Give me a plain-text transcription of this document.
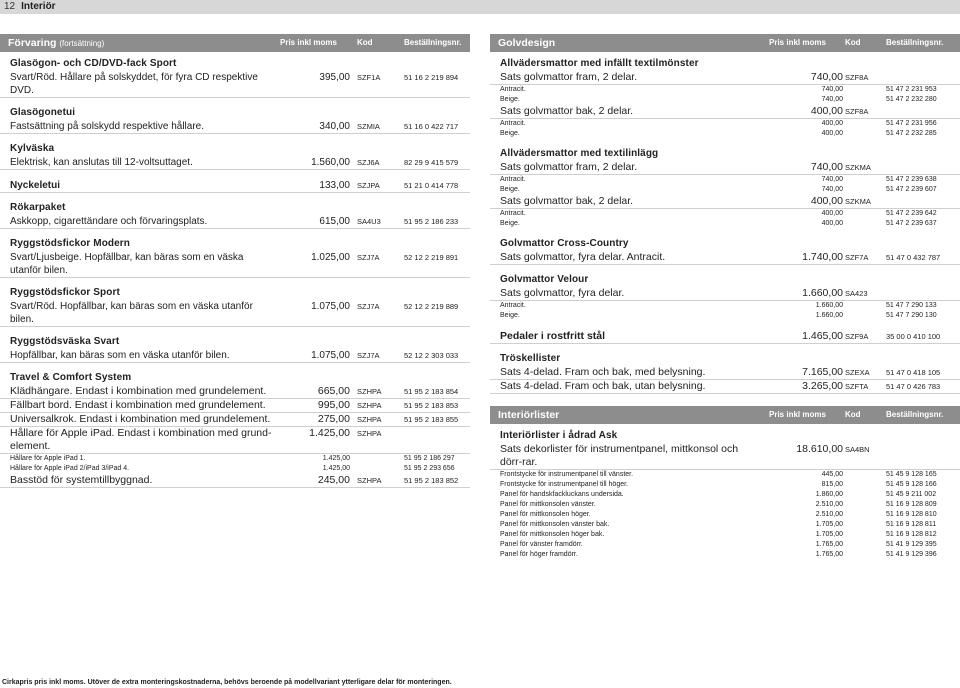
12 Interiör
Förvaring (fortsättning)	Pris inkl moms	Kod	Beställningsnr.
Glasögon- och CD/DVD-fack Sport
Svart/Röd. Hållare på solskyddet, för fyra CD respektive DVD.
395,00 SZF1A	51 16 2 219 894
Glasögonetui
Fastsättning på solskydd respektive hållare.	340,00 SZMIA	51 16 0 422 717
Kylväska
Elektrisk, kan anslutas till 12-voltsuttaget.	1.560,00 SZJ6A	82 29 9 415 579
Nyckeletui	133,00 SZJPA	51 21 0 414 778
Rökarpaket
Askkopp, cigarettändare och förvaringsplats.	615,00 SA4U3	51 95 2 186 233
Ryggstödsfickor Modern
Svart/Ljusbeige. Hopfällbar, kan bäras som en väska utanför bilen.
1.025,00 SZJ7A	52 12 2 219 891
Ryggstödsfickor Sport
Svart/Röd. Hopfällbar, kan bäras som en väska utanför bilen.
1.075,00 SZJ7A	52 12 2 219 889
Ryggstödsväska Svart
Hopfällbar, kan bäras som en väska utanför bilen.	1.075,00 SZJ7A	52 12 2 303 033
Travel & Comfort System
Klädhängare. Endast i kombination med grundelement.	665,00 SZHPA	51 95 2 183 854
Fällbart bord. Endast i kombination med grundelement.	995,00 SZHPA	51 95 2 183 853
Universalkrok. Endast i kombination med grundelement.	275,00 SZHPA	51 95 2 183 855
Hållare för Apple iPad. Endast i kombination med grund-element.
1.425,00 SZHPA
Hållare för Apple iPad 1.	1.425,00	51 95 2 186 297
Hållare för Apple iPad 2/iPad 3/iPad 4.	1.425,00	51 95 2 293 656
Basstöd för systemtillbyggnad.	245,00 SZHPA	51 95 2 183 852
Golvdesign	Pris inkl moms Kod	Beställningsnr.
Allvädersmattor med infällt textilmönster
Sats golvmattor fram, 2 delar.	740,00 SZF8A
Antracit.	740,00	51 47 2 231 953
Beige.	740,00	51 47 2 232 280
Sats golvmattor bak, 2 delar.	400,00 SZF8A
Antracit.	400,00	51 47 2 231 956
Beige.	400,00	51 47 2 232 285
Allvädersmattor med textilinlägg
Sats golvmattor fram, 2 delar.	740,00 SZKMA
Antracit.	740,00	51 47 2 239 638
Beige.	740,00	51 47 2 239 607
Sats golvmattor bak, 2 delar.	400,00 SZKMA
Antracit.	400,00	51 47 2 239 642
Beige.	400,00	51 47 2 239 637
Golvmattor Cross-Country
Sats golvmattor, fyra delar. Antracit.	1.740,00 SZF7A 51 47 0 432 787
Golvmattor Velour
Sats golvmattor, fyra delar.	1.660,00 SA423
Antracit.	1.660,00	51 47 7 290 133
Beige.	1.660,00	51 47 7 290 130
Pedaler i rostfritt stål	1.465,00 SZF9A 35 00 0 410 100
Tröskellister
Sats 4-delad. Fram och bak, med belysning.	7.165,00 SZEXA 51 47 0 418 105
Sats 4-delad. Fram och bak, utan belysning.	3.265,00 SZFTA 51 47 0 426 783
Interiörlister	Pris inkl moms Kod	Beställningsnr.
Interiörlister i ådrad Ask
Sats dekorlister för instrumentpanel, mittkonsol och dörr-rar.
18.610,00 SA4BN
Frontstycke för instrumentpanel till vänster.	445,00	51 45 9 128 165
Frontstycke för instrumentpanel till höger.	815,00	51 45 9 128 166
Panel för handskfackluckans undersida.	1.860,00	51 45 9 211 002
Panel för mittkonsolen vänster.	2.510,00	51 16 9 128 809
Panel för mittkonsolen höger.	2.510,00	51 16 9 128 810
Panel för mittkonsolen vänster bak.	1.705,00	51 16 9 128 811
Panel för mittkonsolen höger bak.	1.705,00	51 16 9 128 812
Panel för vänster framdörr.	1.765,00	51 41 9 129 395
Panel för höger framdörr.	1.765,00	51 41 9 129 396
Cirkapris pris inkl moms. Utöver de extra monteringskostnaderna, behövs beroende på modellvariant ytterligare delar för monteringen.
